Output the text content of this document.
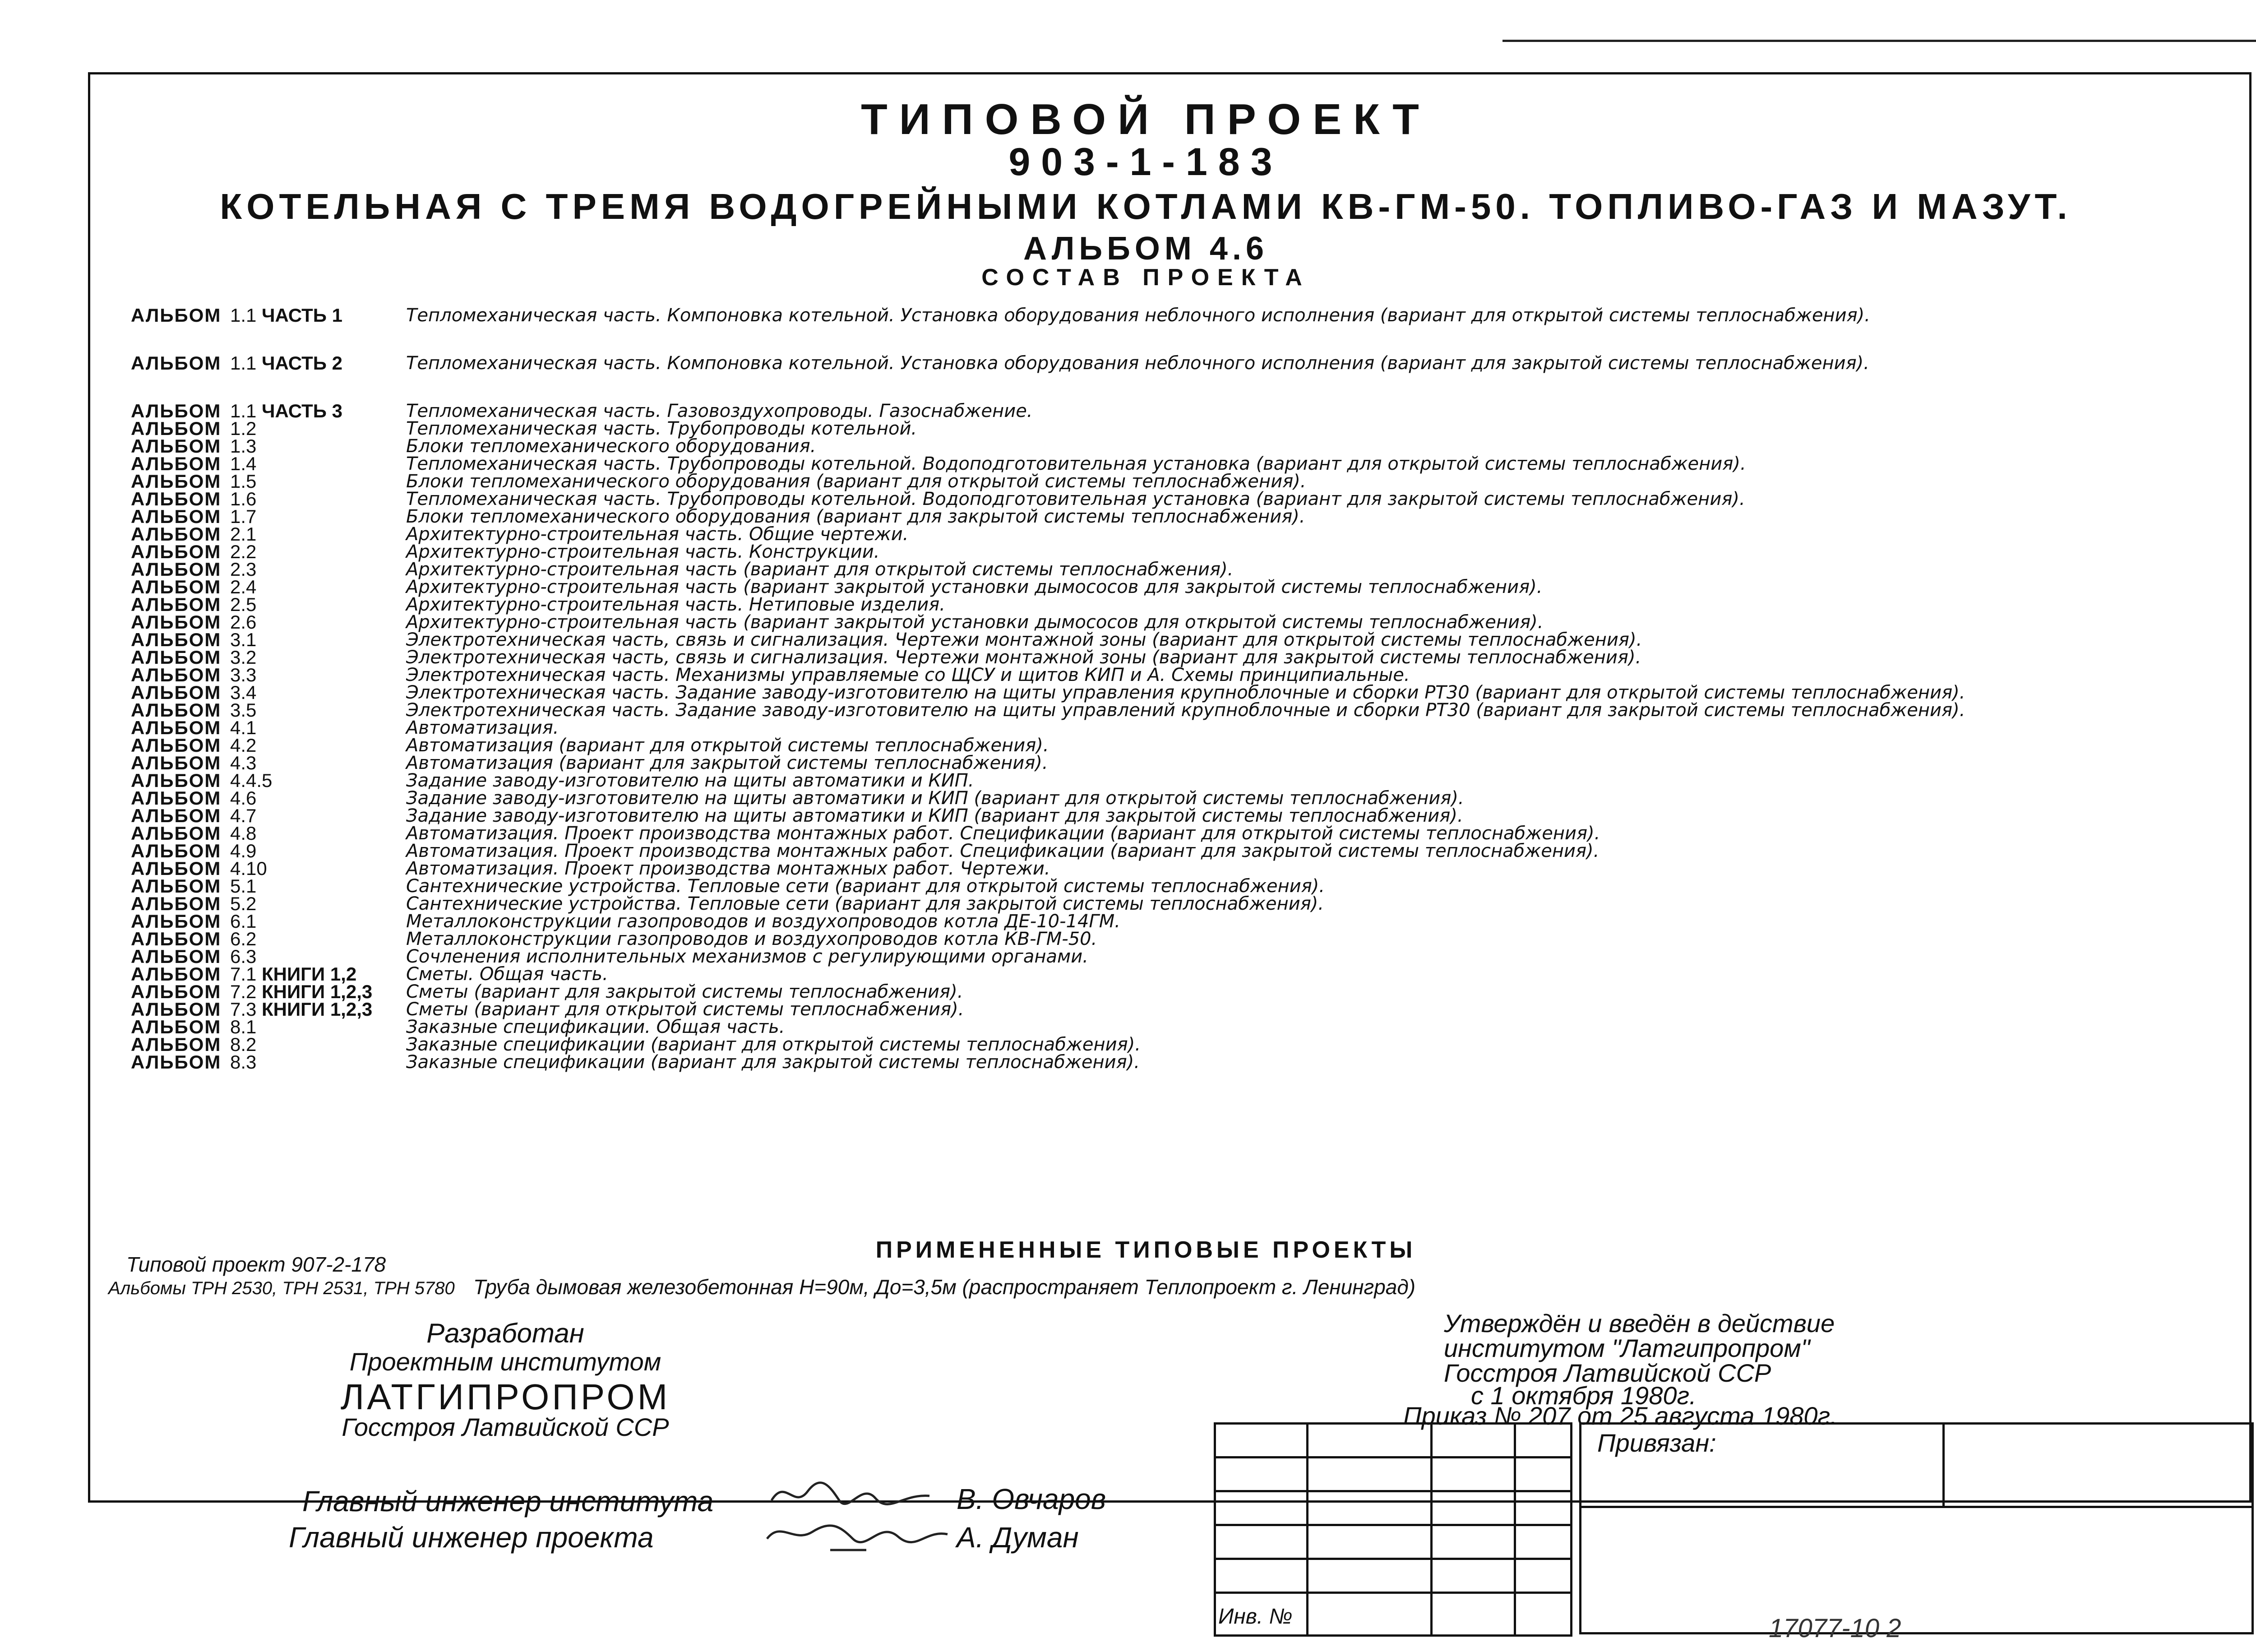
ТИПОВОЙ ПРОЕКТ
903-1-183
КОТЕЛЬНАЯ С ТРЕМЯ ВОДОГРЕЙНЫМИ КОТЛАМИ КВ-ГМ-50. ТОПЛИВО-ГАЗ И МАЗУТ.
АЛЬБОМ 4.6
СОСТАВ ПРОЕКТА
АЛЬБОМ 1.1 ЧАСТЬ 1	Тепломеханическая часть. Компоновка котельной. Установка оборудования неблочного исполнения (вариант для открытой системы теплоснабжения).
АЛЬБОМ 1.1 ЧАСТЬ 2	Тепломеханическая часть. Компоновка котельной. Установка оборудования неблочного исполнения (вариант для закрытой системы теплоснабжения).
АЛЬБОМ 1.1 ЧАСТЬ 3	Тепломеханическая часть. Газовоздухопроводы. Газоснабжение.
АЛЬБОМ 1.2	Тепломеханическая часть. Трубопроводы котельной.
АЛЬБОМ 1.3	Блоки тепломеханического оборудования.
АЛЬБОМ 1.4	Тепломеханическая часть. Трубопроводы котельной. Водоподготовительная установка (вариант для открытой системы теплоснабжения).
АЛЬБОМ 1.5	Блоки тепломеханического оборудования (вариант для открытой системы теплоснабжения).
АЛЬБОМ 1.6	Тепломеханическая часть. Трубопроводы котельной. Водоподготовительная установка (вариант для закрытой системы теплоснабжения).
АЛЬБОМ 1.7	Блоки тепломеханического оборудования (вариант для закрытой системы теплоснабжения).
АЛЬБОМ 2.1	Архитектурно-строительная часть. Общие чертежи.
АЛЬБОМ 2.2	Архитектурно-строительная часть. Конструкции.
АЛЬБОМ 2.3	Архитектурно-строительная часть (вариант для открытой системы теплоснабжения).
АЛЬБОМ 2.4	Архитектурно-строительная часть (вариант закрытой установки дымососов для закрытой системы теплоснабжения).
АЛЬБОМ 2.5	Архитектурно-строительная часть. Нетиповые изделия.
АЛЬБОМ 2.6	Архитектурно-строительная часть (вариант закрытой установки дымососов для открытой системы теплоснабжения).
АЛЬБОМ 3.1	Электротехническая часть, связь и сигнализация. Чертежи монтажной зоны (вариант для открытой системы теплоснабжения).
АЛЬБОМ 3.2	Электротехническая часть, связь и сигнализация. Чертежи монтажной зоны (вариант для закрытой системы теплоснабжения).
АЛЬБОМ 3.3	Электротехническая часть. Механизмы управляемые со ЩСУ и щитов КИП и А. Схемы принципиальные.
АЛЬБОМ 3.4	Электротехническая часть. Задание заводу-изготовителю на щиты управления крупноблочные и сборки РТ30 (вариант для открытой системы теплоснабжения).
АЛЬБОМ 3.5	Электротехническая часть. Задание заводу-изготовителю на щиты управлений крупноблочные и сборки РТ30 (вариант для закрытой системы теплоснабжения).
АЛЬБОМ 4.1	Автоматизация.
АЛЬБОМ 4.2	Автоматизация (вариант для открытой системы теплоснабжения).
АЛЬБОМ 4.3	Автоматизация (вариант для закрытой системы теплоснабжения).
АЛЬБОМ 4.4.5	Задание заводу-изготовителю на щиты автоматики и КИП.
АЛЬБОМ 4.6	Задание заводу-изготовителю на щиты автоматики и КИП (вариант для открытой системы теплоснабжения).
АЛЬБОМ 4.7	Задание заводу-изготовителю на щиты автоматики и КИП (вариант для закрытой системы теплоснабжения).
АЛЬБОМ 4.8	Автоматизация. Проект производства монтажных работ. Спецификации (вариант для открытой системы теплоснабжения).
АЛЬБОМ 4.9	Автоматизация. Проект производства монтажных работ. Спецификации (вариант для закрытой системы теплоснабжения).
АЛЬБОМ 4.10	Автоматизация. Проект производства монтажных работ. Чертежи.
АЛЬБОМ 5.1	Сантехнические устройства. Тепловые сети (вариант для открытой системы теплоснабжения).
АЛЬБОМ 5.2	Сантехнические устройства. Тепловые сети (вариант для закрытой системы теплоснабжения).
АЛЬБОМ 6.1	Металлоконструкции газопроводов и воздухопроводов котла ДЕ-10-14ГМ.
АЛЬБОМ 6.2	Металлоконструкции газопроводов и воздухопроводов котла КВ-ГМ-50.
АЛЬБОМ 6.3	Сочленения исполнительных механизмов с регулирующими органами.
АЛЬБОМ 7.1 КНИГИ 1,2	Сметы. Общая часть.
АЛЬБОМ 7.2 КНИГИ 1,2,3	Сметы (вариант для закрытой системы теплоснабжения).
АЛЬБОМ 7.3 КНИГИ 1,2,3	Сметы (вариант для открытой системы теплоснабжения).
АЛЬБОМ 8.1	Заказные спецификации. Общая часть.
АЛЬБОМ 8.2	Заказные спецификации (вариант для открытой системы теплоснабжения).
АЛЬБОМ 8.3	Заказные спецификации (вариант для закрытой системы теплоснабжения).
ПРИМЕНЕННЫЕ ТИПОВЫЕ ПРОЕКТЫ
Типовой проект 907-2-178
Альбомы ТРН 2530, ТРН 2531, ТРН 5780 Труба дымовая железобетонная Н=90м, До=3,5м (распространяет Теплопроект г. Ленинград)
Разработан
Проектным институтом
ЛАТГИПРОПРОМ
Госстроя Латвийской ССР
Утверждён и введён в действие
институтом "Латгипропром"
Госстроя Латвийской ССР
с 1 октября 1980г.
Приказ № 207 от 25 августа 1980г.
Главный инженер института	В. Овчаров
Главный инженер проекта	А. Думан

Привязан:
Инв. №	17077-10 2
